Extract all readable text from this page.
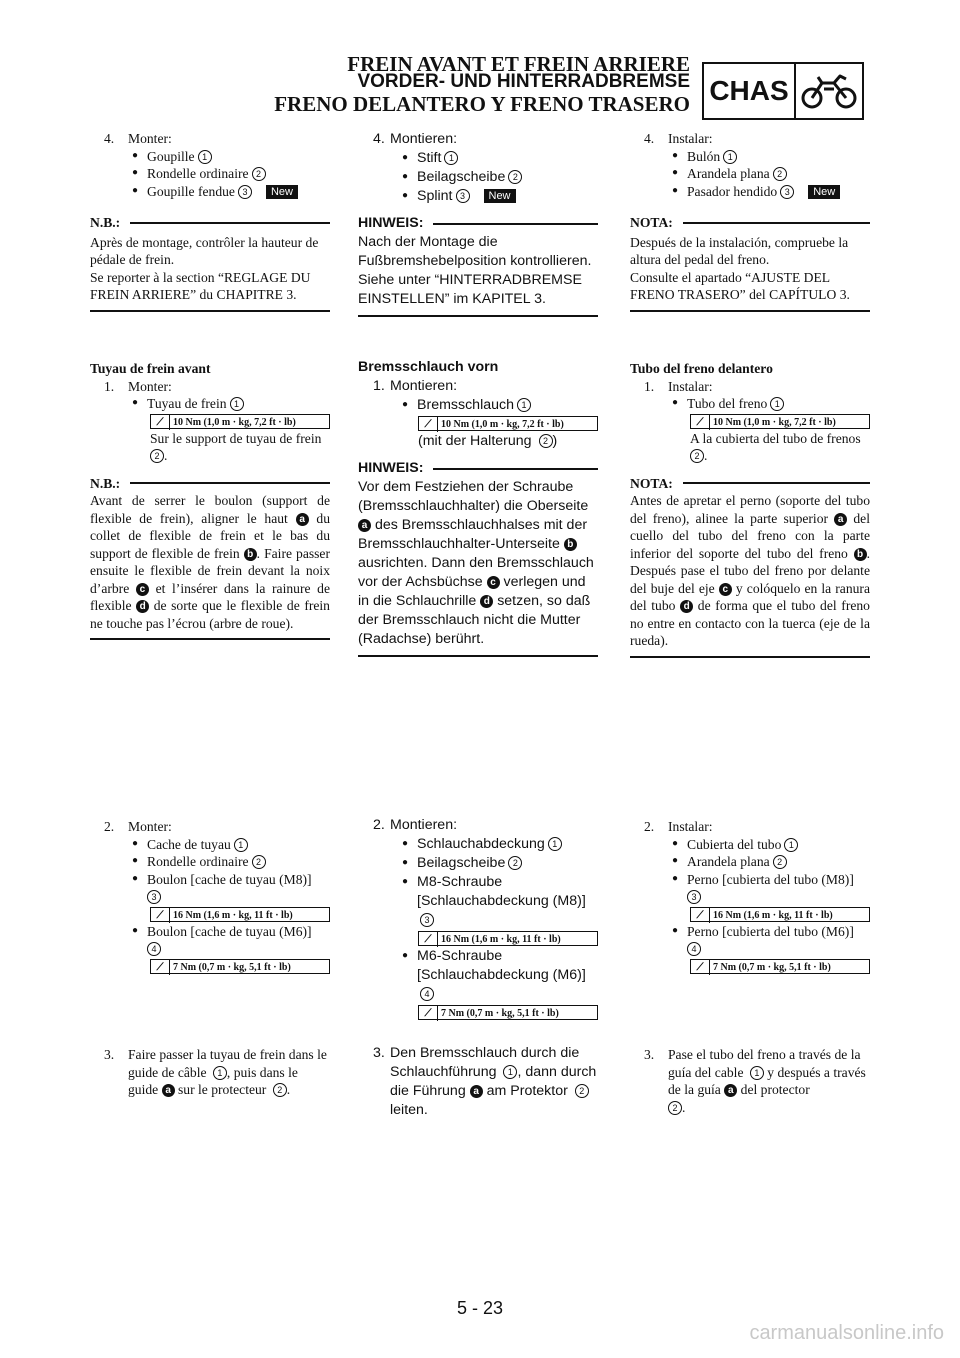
FREIN AVANT ET FREIN ARRIERE
VORDER- UND HINTERRADBREMSE
FRENO DELANTERO Y FRENO TRASERO CHAS
4. Monter:
● Goupille 1
● Rondelle ordinaire 2
● Goupille fendue 3 New
N.B.:
Après de montage, contrôler la hauteur de pédale de frein.
Se reporter à la section “REGLAGE DU FREIN ARRIERE” du CHAPITRE 3.
Tuyau de frein avant
1. Monter:
● Tuyau de frein 1
⟋ 10 Nm (1,0 m · kg, 7,2 ft · lb)
Sur le support de tuyau de frein
2 .
N.B.:
Avant de serrer le boulon (support de flexible de frein), aligner le haut a du collet de flexible de frein et le bas du support de flexible de frein b . Faire passer ensuite le flexible de frein devant la noix d’arbre c et l’insérer dans la rainure de flexible d de sorte que le flexible de frein ne touche pas l’écrou (arbre de roue).
2. Monter:
● Cache de tuyau 1
● Rondelle ordinaire 2
● Boulon [cache de tuyau (M8)]
3
⟋ 16 Nm (1,6 m · kg, 11 ft · lb)
● Boulon [cache de tuyau (M6)]
4
⟋ 7 Nm (0,7 m · kg, 5,1 ft · lb)
3. Faire passer la tuyau de frein dans le guide de câble 1 , puis dans le guide a sur le protecteur 2 .
4. Montieren:
● Stift 1
● Beilagscheibe 2
● Splint 3 New
HINWEIS:
Nach der Montage die Fußbremshebelposition kontrollieren.
Siehe unter “HINTERRADBREMSE EINSTELLEN” im KAPITEL 3.
Bremsschlauch vorn
1. Montieren:
● Bremsschlauch 1
⟋ 10 Nm (1,0 m · kg, 7,2 ft · lb)
(mit der Halterung 2 )
HINWEIS:
Vor dem Festziehen der Schraube (Bremsschlauchhalter) die Oberseite a des Bremsschlauchhalses mit der Bremsschlauchhalter-Unterseite b ausrichten. Dann den Bremsschlauch vor der Achsbüchse c verlegen und in die Schlauchrille d setzen, so daß der Bremsschlauch nicht die Mutter (Radachse) berührt.
2. Montieren:
● Schlauchabdeckung 1
● Beilagscheibe 2
● M8-Schraube [Schlauchabdeckung (M8)]3
⟋ 16 Nm (1,6 m · kg, 11 ft · lb)
● M6-Schraube [Schlauchabdeckung (M6)]4
⟋ 7 Nm (0,7 m · kg, 5,1 ft · lb)
3. Den Bremsschlauch durch die Schlauchführung 1 , dann durch die Führung a am Protektor 2 leiten.
4. Instalar:
● Bulón 1
● Arandela plana 2
● Pasador hendido 3 New
NOTA:
Después de la instalación, compruebe la altura del pedal del freno.
Consulte el apartado “AJUSTE DEL FRENO TRASERO” del CAPÍTULO 3.
Tubo del freno delantero
1. Instalar:
● Tubo del freno 1
⟋ 10 Nm (1,0 m · kg, 7,2 ft · lb)
A la cubierta del tubo de frenos
2 .
NOTA:
Antes de apretar el perno (soporte del tubo del freno), alinee la parte superior a del cuello del tubo del freno con la parte inferior del soporte del tubo del freno b . Después pase el tubo del freno por delante del buje del eje c y colóquelo en la ranura del tubo d de forma que el tubo del freno no entre en contacto con la tuerca (eje de la rueda).
2. Instalar:
● Cubierta del tubo 1
● Arandela plana 2
● Perno [cubierta del tubo (M8)]
3
⟋ 16 Nm (1,6 m · kg, 11 ft · lb)
● Perno [cubierta del tubo (M6)]
4
⟋ 7 Nm (0,7 m · kg, 5,1 ft · lb)
3. Pase el tubo del freno a través de la guía del cable 1 y después a través de la guía a del protector
2 .
5 - 23
carmanualsonline.info
